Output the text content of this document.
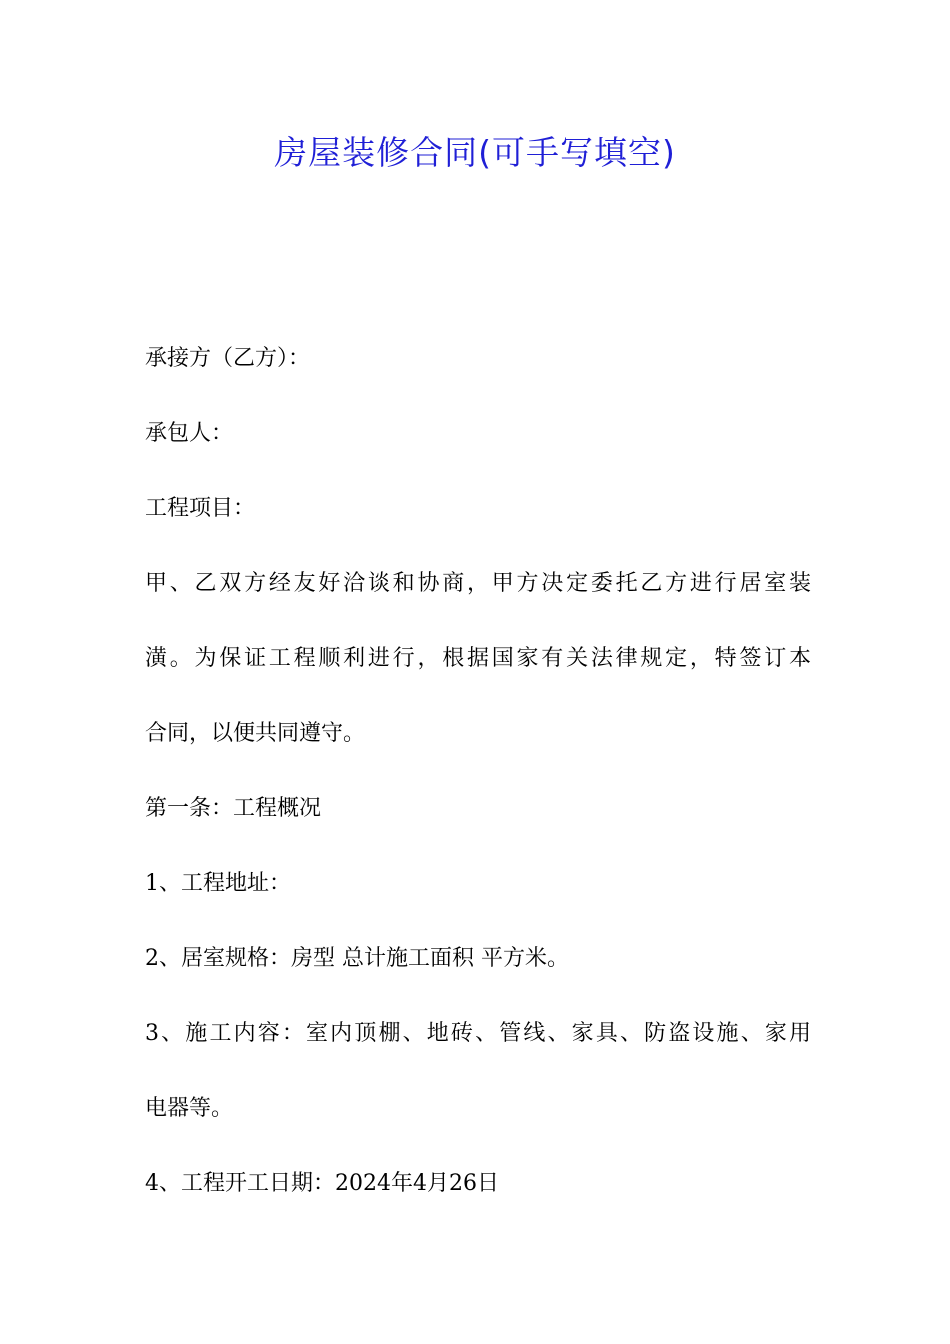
房屋装修合同(可手写填空)

承接方（乙方）：

承包人：

工程项目：

甲、乙双方经友好洽谈和协商，甲方决定委托乙方进行居室装

潢。为保证工程顺利进行，根据国家有关法律规定，特签订本

合同，以便共同遵守。

第一条：工程概况

1、工程地址：

2、居室规格：房型 总计施工面积 平方米。

3、施工内容：室内顶棚、地砖、管线、家具、防盗设施、家用

电器等。

4、工程开工日期：2024年4月26日
